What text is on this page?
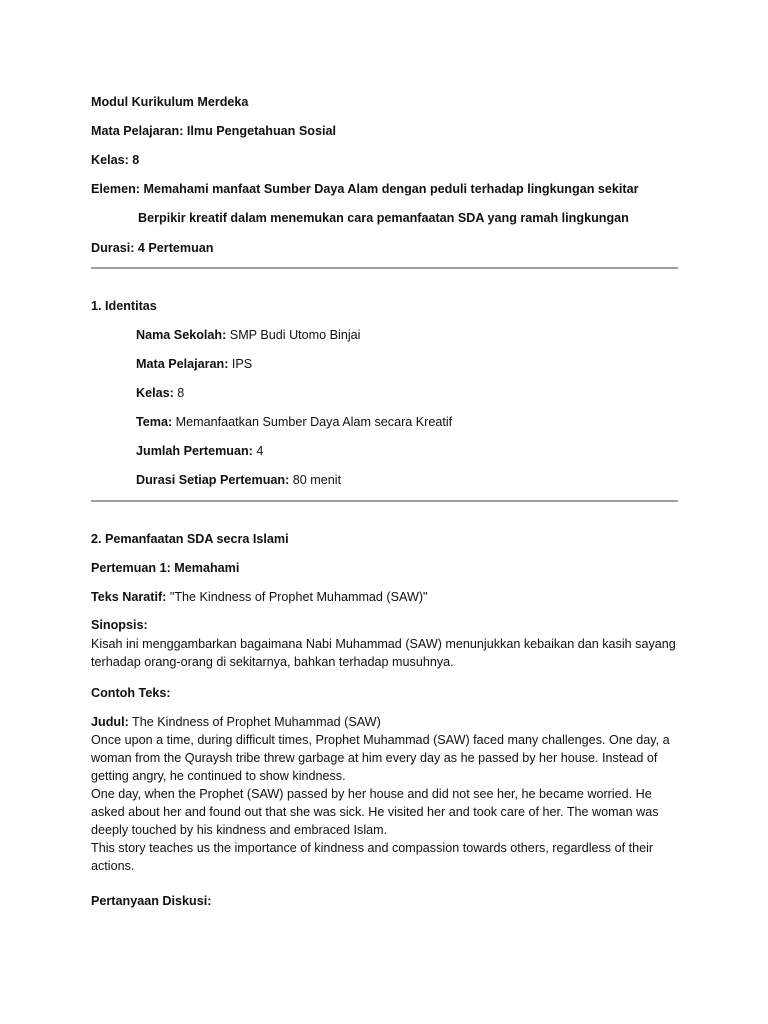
Modul Kurikulum Merdeka
Mata Pelajaran: Ilmu Pengetahuan Sosial
Kelas: 8
Elemen: Memahami manfaat Sumber Daya Alam dengan peduli terhadap lingkungan sekitar
Berpikir kreatif dalam menemukan cara pemanfaatan SDA yang ramah lingkungan
Durasi: 4 Pertemuan
1. Identitas
Nama Sekolah: SMP Budi Utomo Binjai
Mata Pelajaran: IPS
Kelas: 8
Tema: Memanfaatkan Sumber Daya Alam secara Kreatif
Jumlah Pertemuan: 4
Durasi Setiap Pertemuan: 80 menit
2. Pemanfaatan SDA secra Islami
Pertemuan 1: Memahami
Teks Naratif: "The Kindness of Prophet Muhammad (SAW)"
Sinopsis:
Kisah ini menggambarkan bagaimana Nabi Muhammad (SAW) menunjukkan kebaikan dan kasih sayang terhadap orang-orang di sekitarnya, bahkan terhadap musuhnya.
Contoh Teks:
Judul: The Kindness of Prophet Muhammad (SAW)
Once upon a time, during difficult times, Prophet Muhammad (SAW) faced many challenges. One day, a woman from the Quraysh tribe threw garbage at him every day as he passed by her house. Instead of getting angry, he continued to show kindness.
One day, when the Prophet (SAW) passed by her house and did not see her, he became worried. He asked about her and found out that she was sick. He visited her and took care of her. The woman was deeply touched by his kindness and embraced Islam.
This story teaches us the importance of kindness and compassion towards others, regardless of their actions.
Pertanyaan Diskusi:
